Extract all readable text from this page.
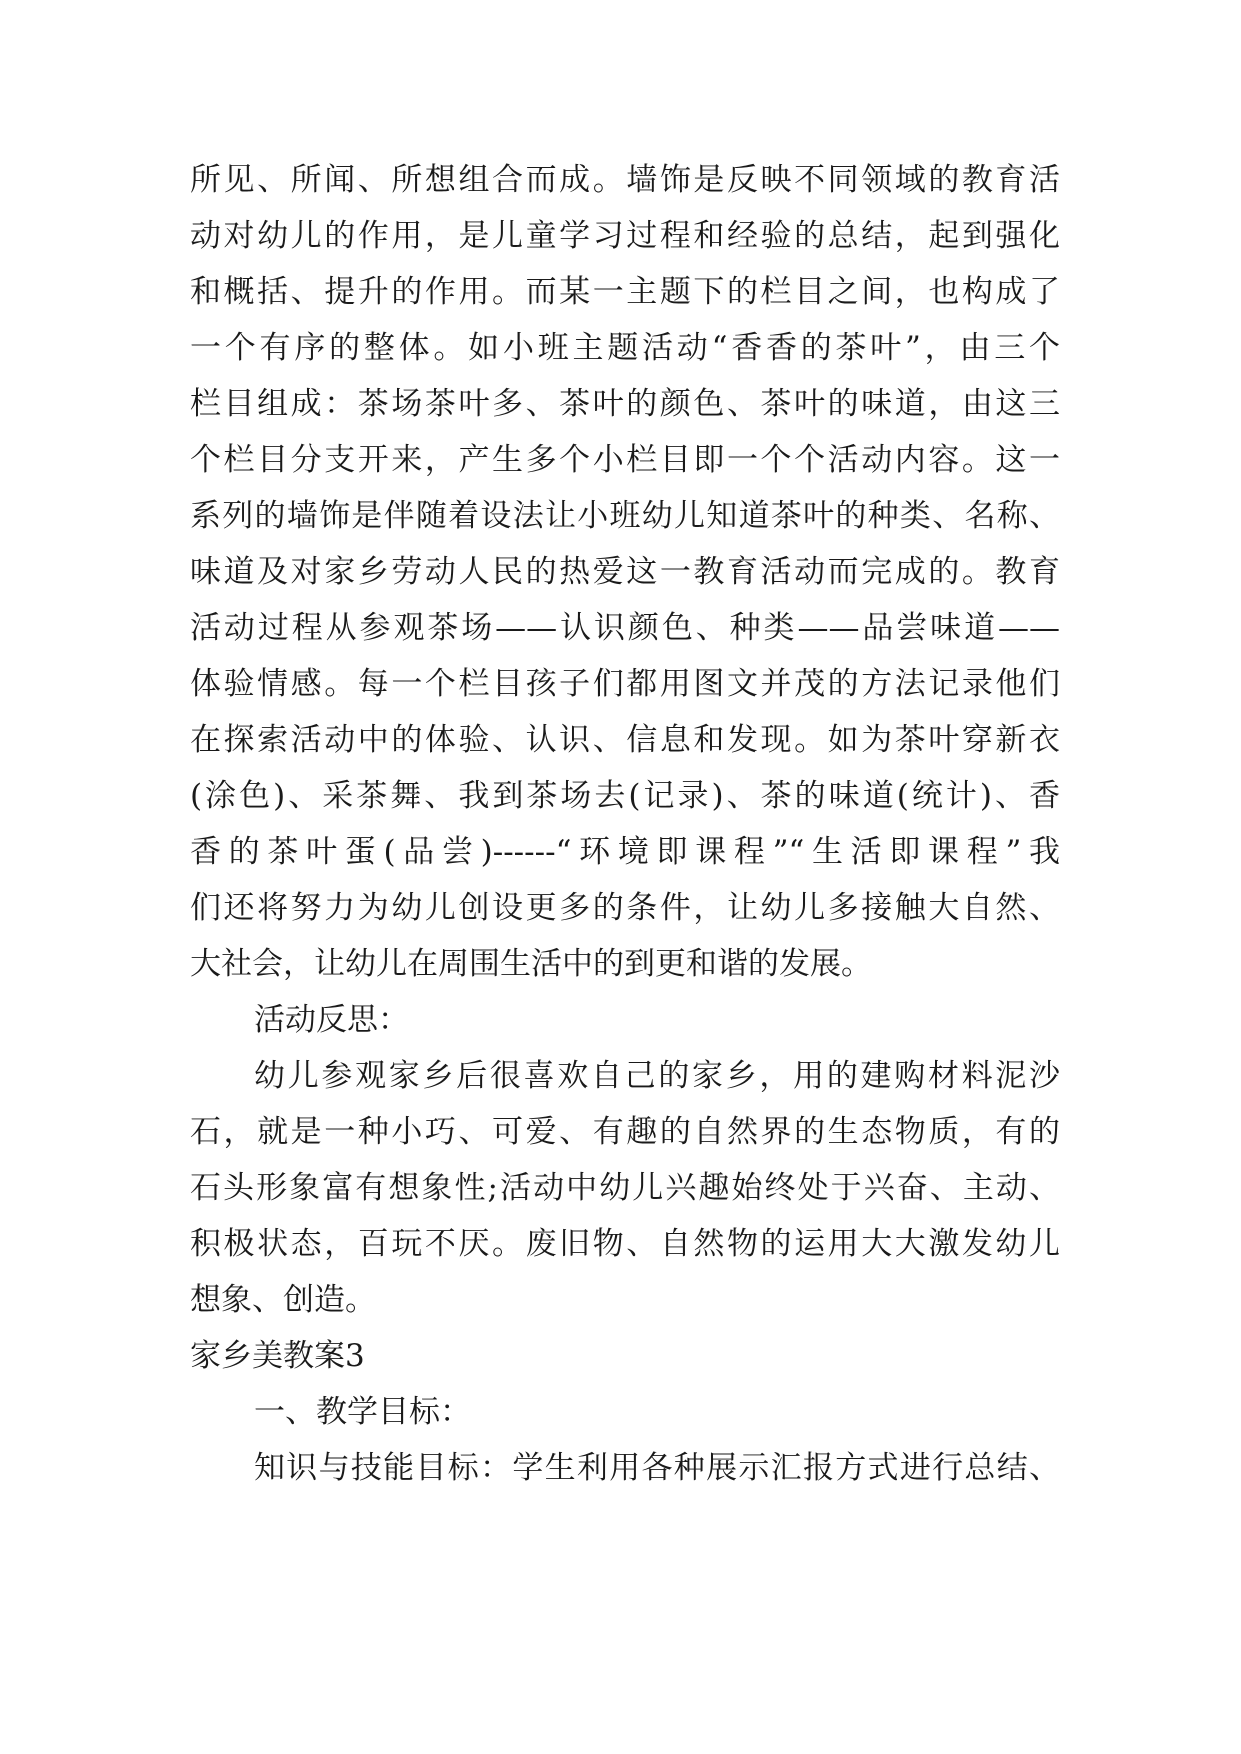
所见、所闻、所想组合而成。墙饰是反映不同领域的教育活
动对幼儿的作用，是儿童学习过程和经验的总结，起到强化
和概括、提升的作用。而某一主题下的栏目之间，也构成了
一个有序的整体。如小班主题活动“香香的茶叶”，由三个
栏目组成：茶场茶叶多、茶叶的颜色、茶叶的味道，由这三
个栏目分支开来，产生多个小栏目即一个个活动内容。这一
系列的墙饰是伴随着设法让小班幼儿知道茶叶的种类、名称、
味道及对家乡劳动人民的热爱这一教育活动而完成的。教育
活动过程从参观茶场——认识颜色、种类——品尝味道——
体验情感。每一个栏目孩子们都用图文并茂的方法记录他们
在探索活动中的体验、认识、信息和发现。如为茶叶穿新衣
(涂色)、采茶舞、我到茶场去(记录)、茶的味道(统计)、香
香的茶叶蛋(品尝)------“环境即课程”“生活即课程”我
们还将努力为幼儿创设更多的条件，让幼儿多接触大自然、
大社会，让幼儿在周围生活中的到更和谐的发展。
活动反思：
幼儿参观家乡后很喜欢自己的家乡，用的建购材料泥沙
石，就是一种小巧、可爱、有趣的自然界的生态物质，有的
石头形象富有想象性;活动中幼儿兴趣始终处于兴奋、主动、
积极状态，百玩不厌。废旧物、自然物的运用大大激发幼儿
想象、创造。
家乡美教案3
一、教学目标：
知识与技能目标：学生利用各种展示汇报方式进行总结、
